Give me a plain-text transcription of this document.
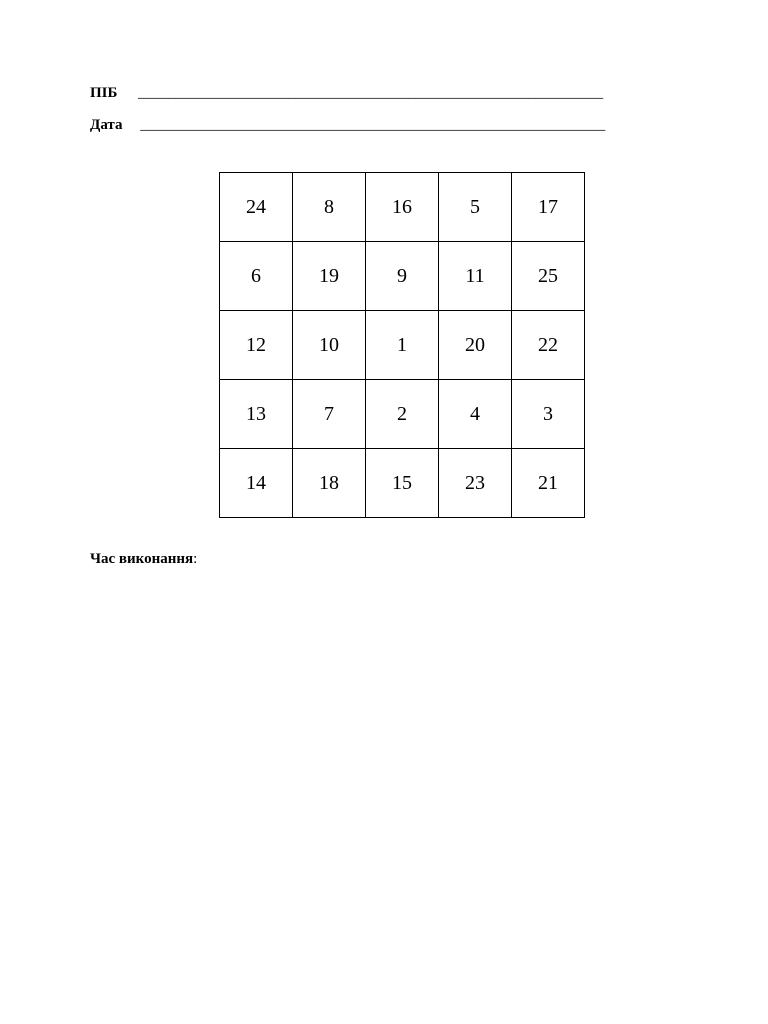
ПІБ ______________________________________________________________
Дата ______________________________________________________________
24	8	16	5	17
6	19	9	11	25
12	10	1	20	22
13	7	2	4	3
14	18	15	23	21
Час виконання:
